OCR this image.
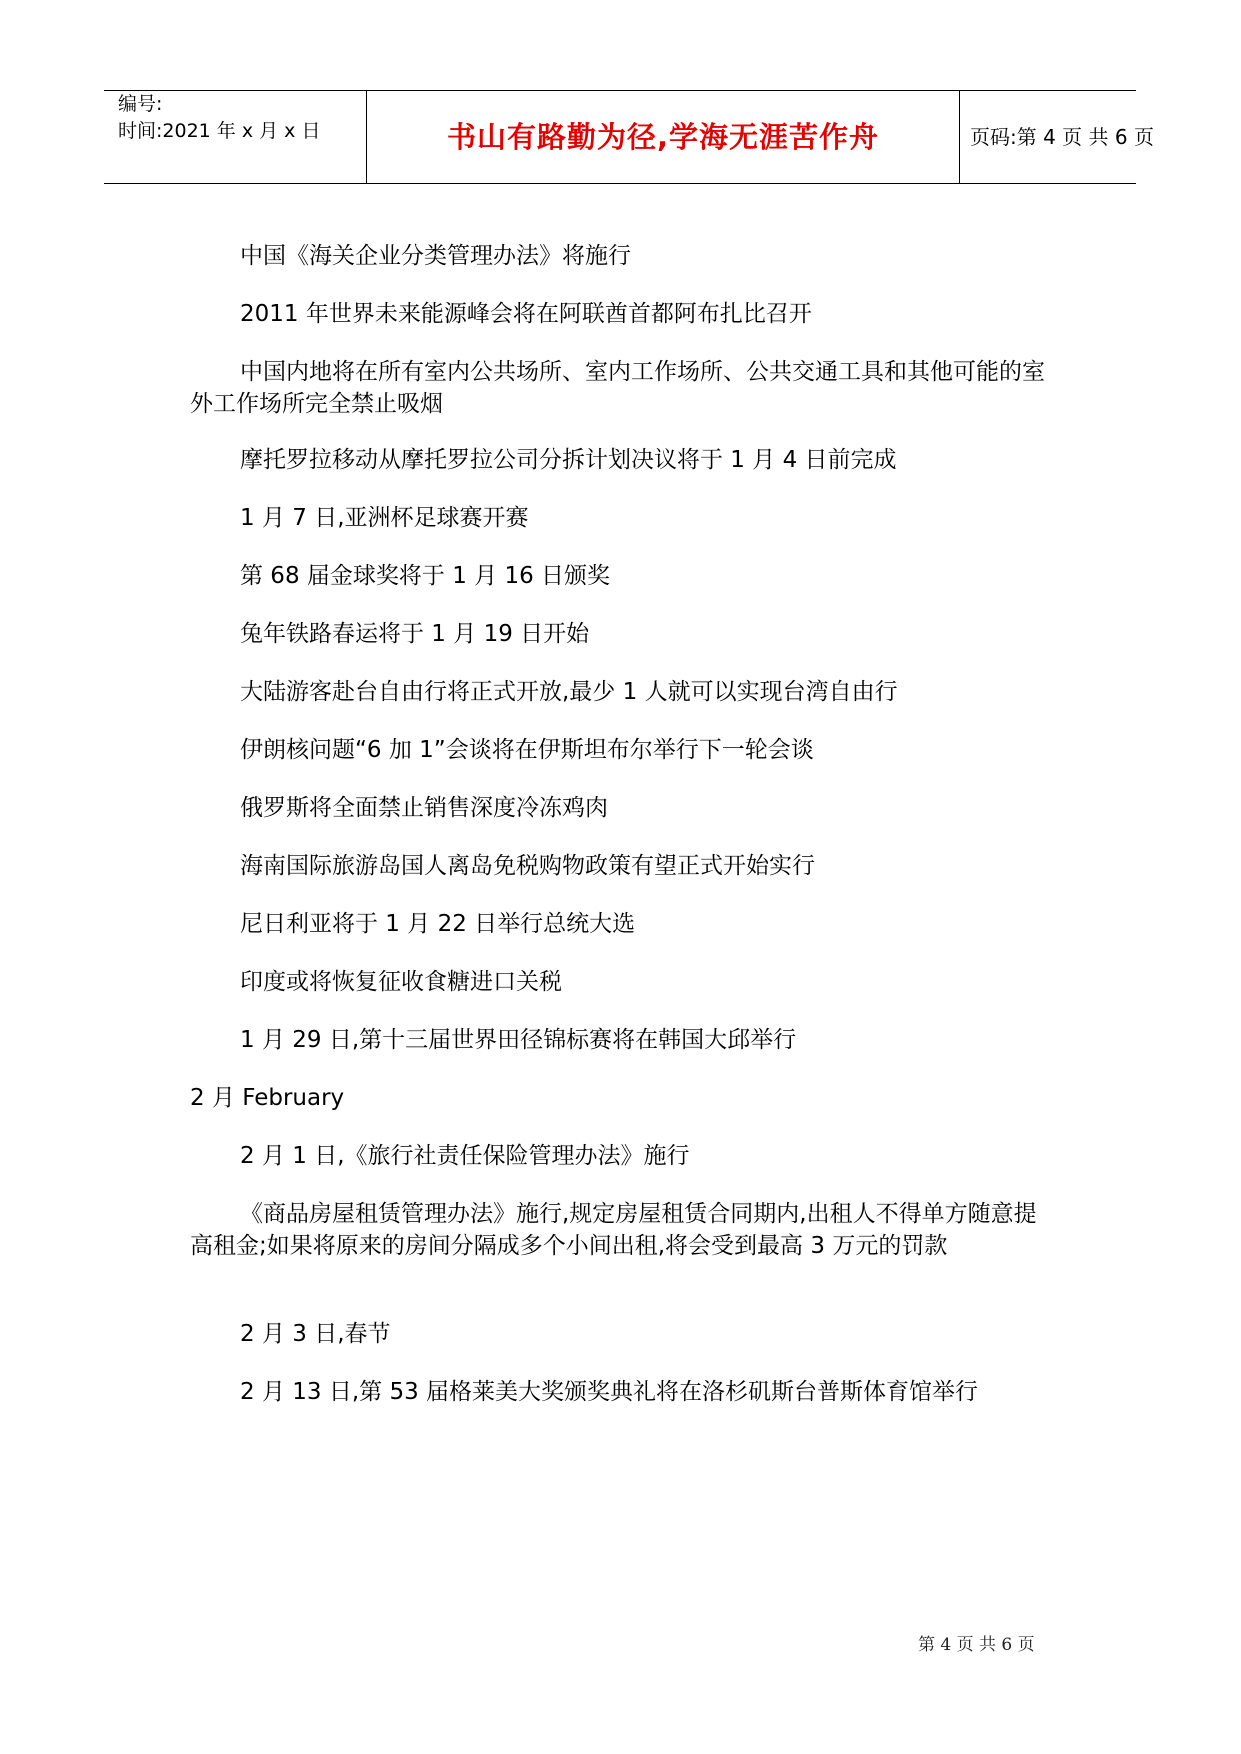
编号:
时间:2021 年 x 月 x 日	书山有路勤为径,学海无涯苦作舟	页码:第 4 页 共 6 页
中国《海关企业分类管理办法》将施行
2011 年世界未来能源峰会将在阿联酋首都阿布扎比召开
中国内地将在所有室内公共场所、室内工作场所、公共交通工具和其他可能的室外工作场所完全禁止吸烟
摩托罗拉移动从摩托罗拉公司分拆计划决议将于 1 月 4 日前完成
1 月 7 日,亚洲杯足球赛开赛
第 68 届金球奖将于 1 月 16 日颁奖
兔年铁路春运将于 1 月 19 日开始
大陆游客赴台自由行将正式开放,最少 1 人就可以实现台湾自由行
伊朗核问题“6 加 1”会谈将在伊斯坦布尔举行下一轮会谈
俄罗斯将全面禁止销售深度冷冻鸡肉
海南国际旅游岛国人离岛免税购物政策有望正式开始实行
尼日利亚将于 1 月 22 日举行总统大选
印度或将恢复征收食糖进口关税
1 月 29 日,第十三届世界田径锦标赛将在韩国大邱举行
2 月 February
2 月 1 日,《旅行社责任保险管理办法》施行
《商品房屋租赁管理办法》施行,规定房屋租赁合同期内,出租人不得单方随意提高租金;如果将原来的房间分隔成多个小间出租,将会受到最高 3 万元的罚款
2 月 3 日,春节
2 月 13 日,第 53 届格莱美大奖颁奖典礼将在洛杉矶斯台普斯体育馆举行
第 4 页 共 6 页
